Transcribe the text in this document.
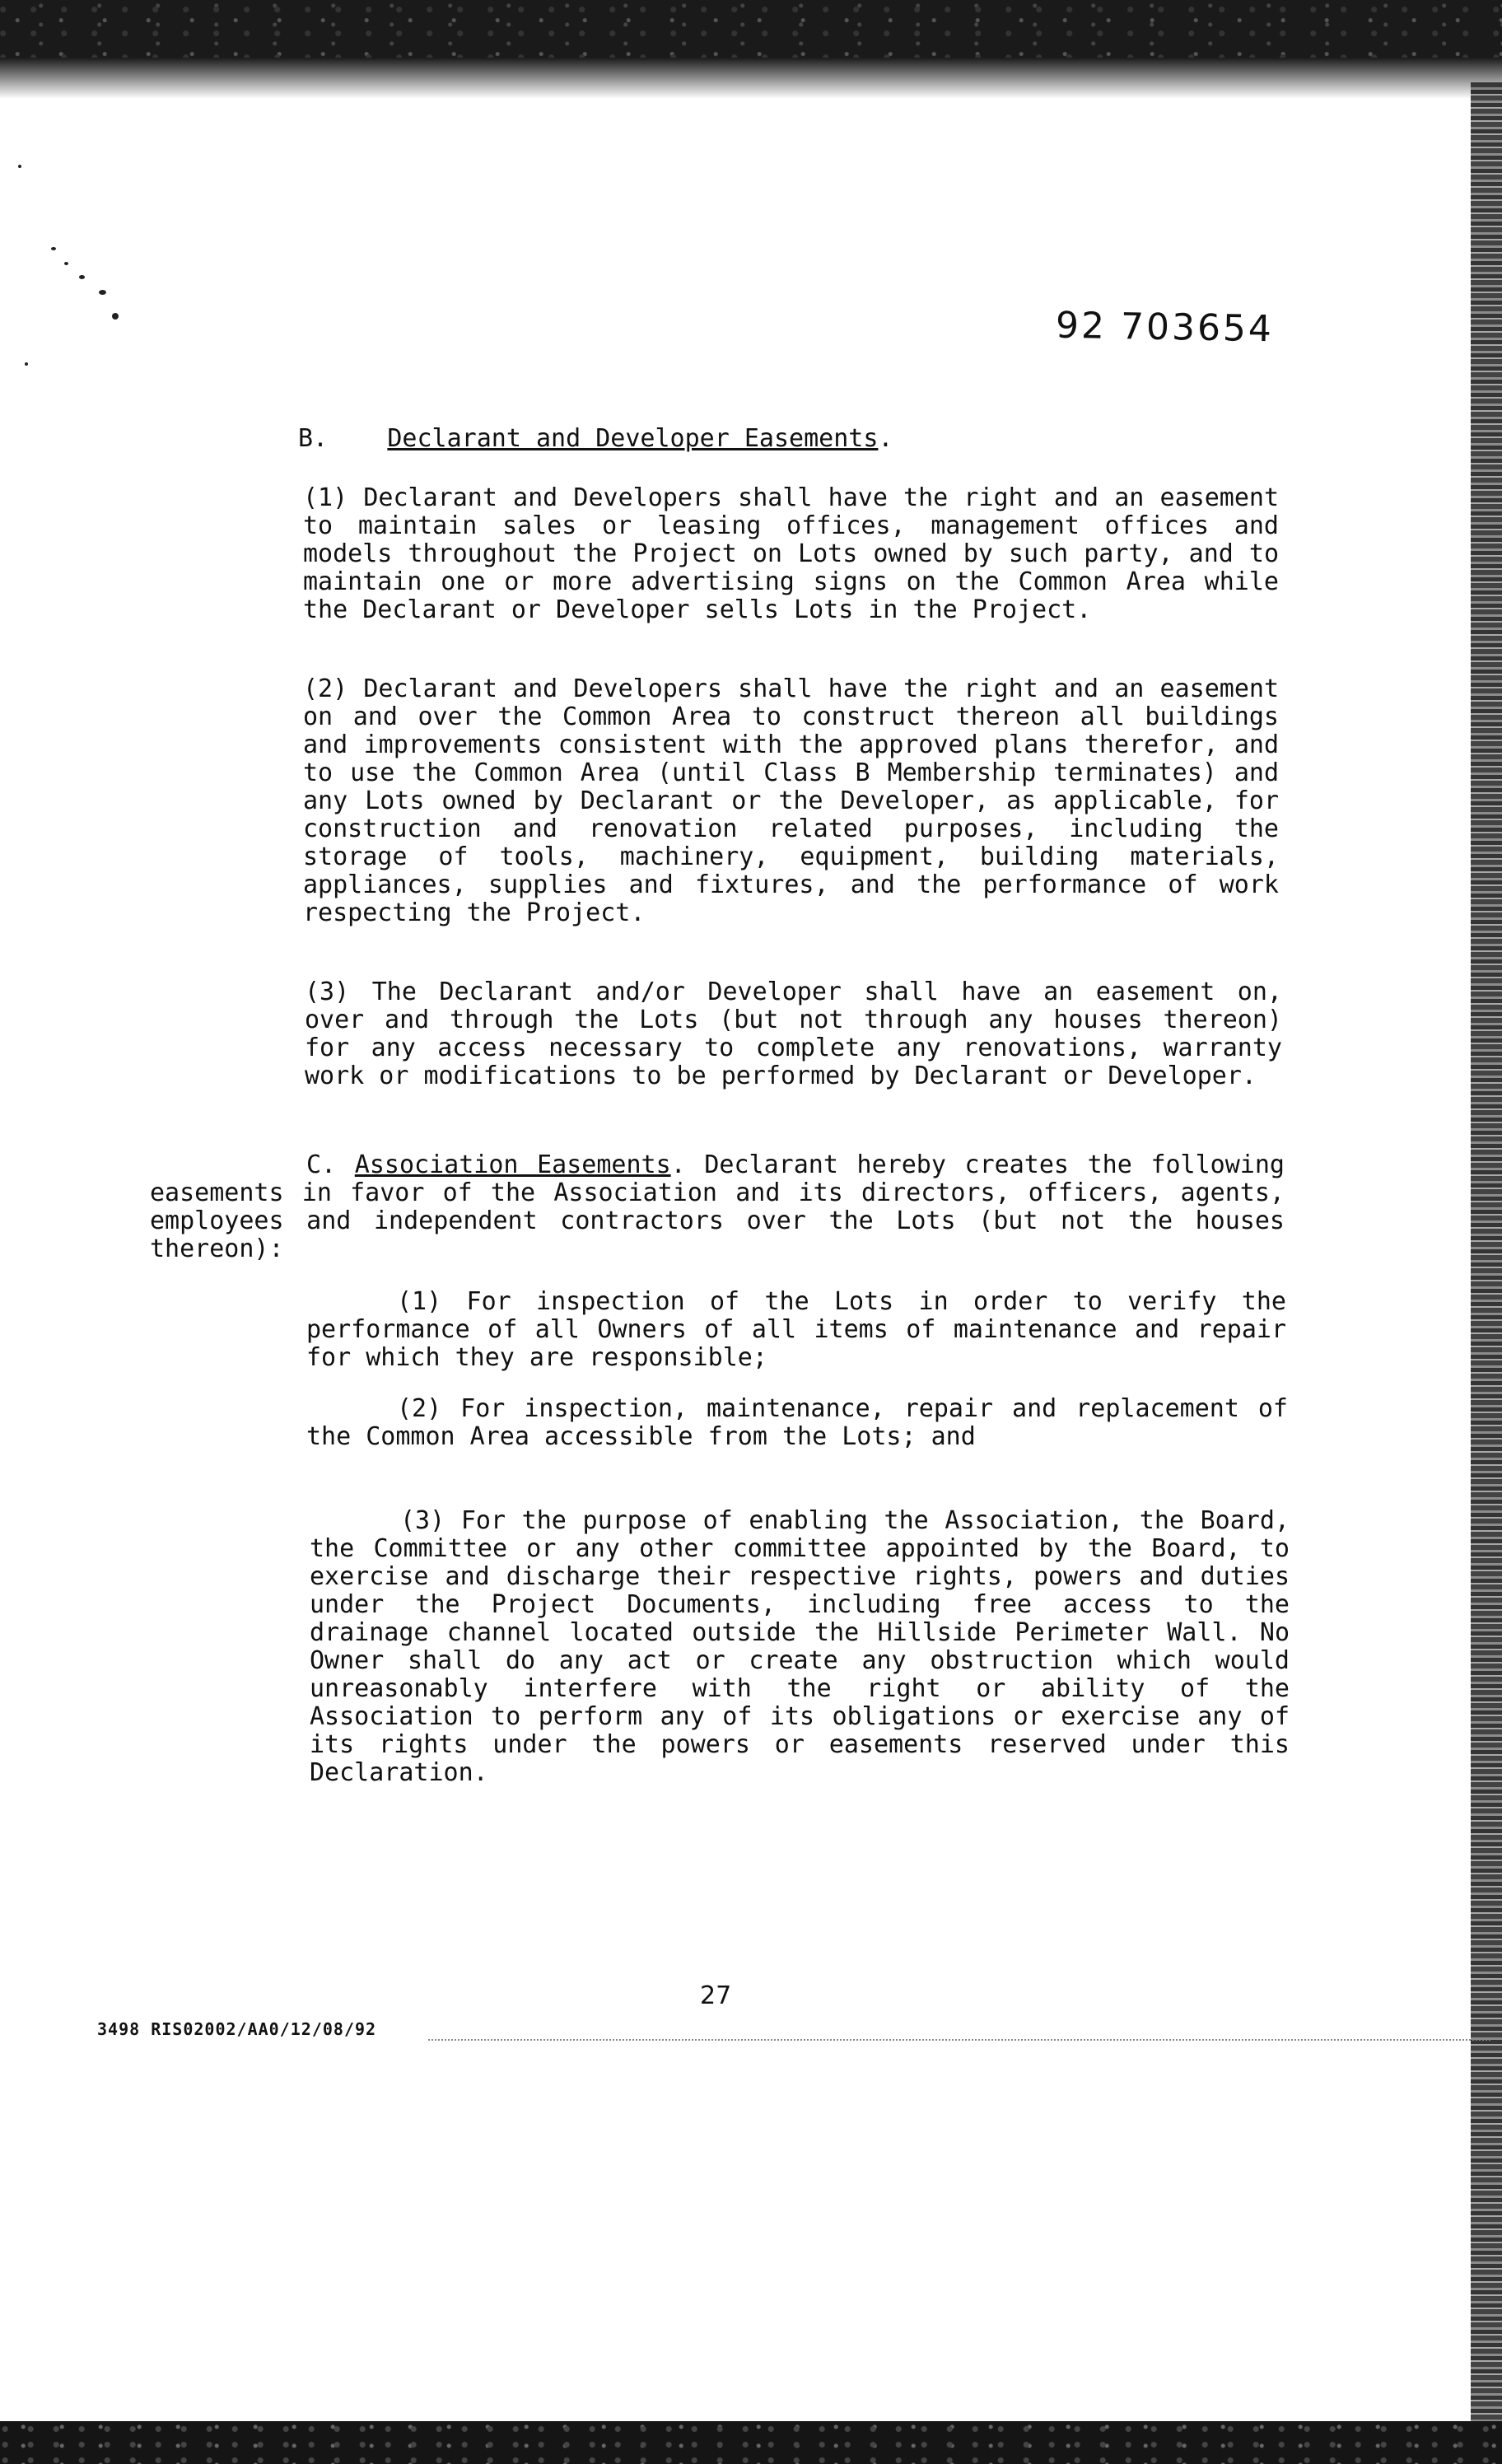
92 703654
B. Declarant and Developer Easements.
(1) Declarant and Developers shall have the right and an easement to maintain sales or leasing offices, management offices and models throughout the Project on Lots owned by such party, and to maintain one or more advertising signs on the Common Area while the Declarant or Developer sells Lots in the Project.
(2) Declarant and Developers shall have the right and an easement on and over the Common Area to construct thereon all buildings and improvements consistent with the approved plans therefor, and to use the Common Area (until Class B Membership terminates) and any Lots owned by Declarant or the Developer, as applicable, for construction and renovation related purposes, including the storage of tools, machinery, equipment, building materials, appliances, supplies and fixtures, and the performance of work respecting the Project.
(3) The Declarant and/or Developer shall have an easement on, over and through the Lots (but not through any houses thereon) for any access necessary to complete any renovations, warranty work or modifications to be performed by Declarant or Developer.
C. Association Easements. Declarant hereby creates the following easements in favor of the Association and its directors, officers, agents, employees and independent contractors over the Lots (but not the houses thereon):
(1) For inspection of the Lots in order to verify the performance of all Owners of all items of maintenance and repair for which they are responsible;
(2) For inspection, maintenance, repair and replacement of the Common Area accessible from the Lots; and
(3) For the purpose of enabling the Association, the Board, the Committee or any other committee appointed by the Board, to exercise and discharge their respective rights, powers and duties under the Project Documents, including free access to the drainage channel located outside the Hillside Perimeter Wall. No Owner shall do any act or create any obstruction which would unreasonably interfere with the right or ability of the Association to perform any of its obligations or exercise any of its rights under the powers or easements reserved under this Declaration.
27
3498 RIS02002/AA0/12/08/92
